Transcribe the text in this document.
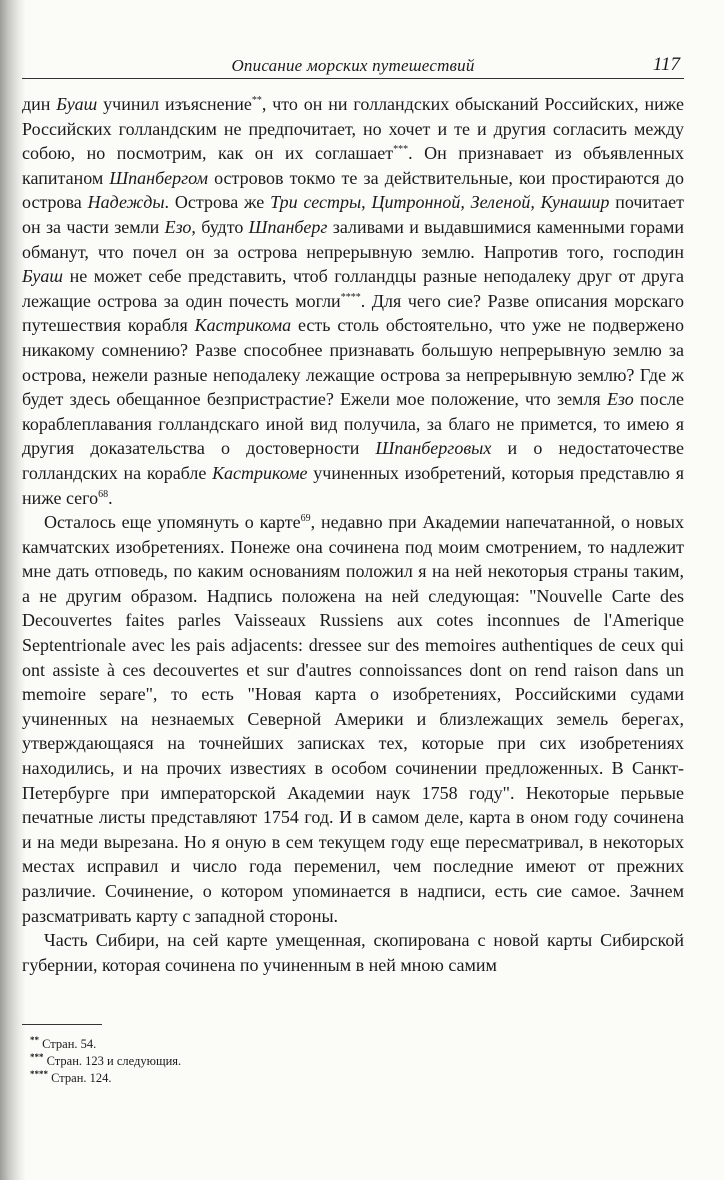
Описание морских путешествий	117

дин Буаш учинил изъяснение**, что он ни голландских обысканий Российских, ниже Российских голландским не предпочитает, но хочет и те и другия согласить между собою, но посмотрим, как он их соглашает***. Он признавает из объявленных капитаном Шпанбергом островов токмо те за действительные, кои простираются до острова Надежды. Острова же Три сестры, Цитронной, Зеленой, Кунашир почитает он за части земли Езо, будто Шпанберг заливами и выдавшимися каменными горами обманут, что почел он за острова непрерывную землю. Напротив того, господин Буаш не может себе представить, чтоб голландцы разные неподалеку друг от друга лежащие острова за один почесть могли****. Для чего сие? Разве описания морскаго путешествия корабля Кастрикома есть столь обстоятельно, что уже не подвержено никакому сомнению? Разве способнее признавать большую непрерывную землю за острова, нежели разные неподалеку лежащие острова за непрерывную землю? Где ж будет здесь обещанное безпристрастие? Ежели мое положение, что земля Езо после кораблеплавания голландскаго иной вид получила, за благо не примется, то имею я другия доказательства о достоверности Шпанберговых и о недостаточестве голландских на корабле Кастрикоме учиненных изобретений, которыя представлю я ниже сего$^{68}$.

Осталось еще упомянуть о карте$^{69}$, недавно при Академии напечатанной, о новых камчатских изобретениях. Понеже она сочинена под моим смотрением, то надлежит мне дать отповедь, по каким основаниям положил я на ней некоторыя страны таким, а не другим образом. Надпись положена на ней следующая: "Nouvelle Carte des Decouvertes faites parles Vaisseaux Russiens aux cotes inconnues de l'Amerique Septentrionale avec les pais adjacents: dressee sur des memoires authentiques de ceux qui ont assiste à ces decouvertes et sur d'autres connoissances dont on rend raison dans un memoire separe", то есть "Новая карта о изобретениях, Российскими судами учиненных на незнаемых Северной Америки и близлежащих земель берегах, утверждающаяся на точнейших записках тех, которые при сих изобретениях находились, и на прочих известиях в особом сочинении предложенных. В Санкт-Петербурге при императорской Академии наук 1758 году". Некоторые перьвые печатные листы представляют 1754 год. И в самом деле, карта в оном году сочинена и на меди вырезана. Но я оную в сем текущем году еще пересматривал, в некоторых местах исправил и число года переменил, чем последние имеют от прежних различие. Сочинение, о котором упоминается в надписи, есть сие самое. Зачнем разсматривать карту с западной стороны.

Часть Сибири, на сей карте умещенная, скопирована с новой карты Сибирской губернии, которая сочинена по учиненным в ней мною самим

** Стран. 54.
*** Стран. 123 и следующия.
**** Стран. 124.
